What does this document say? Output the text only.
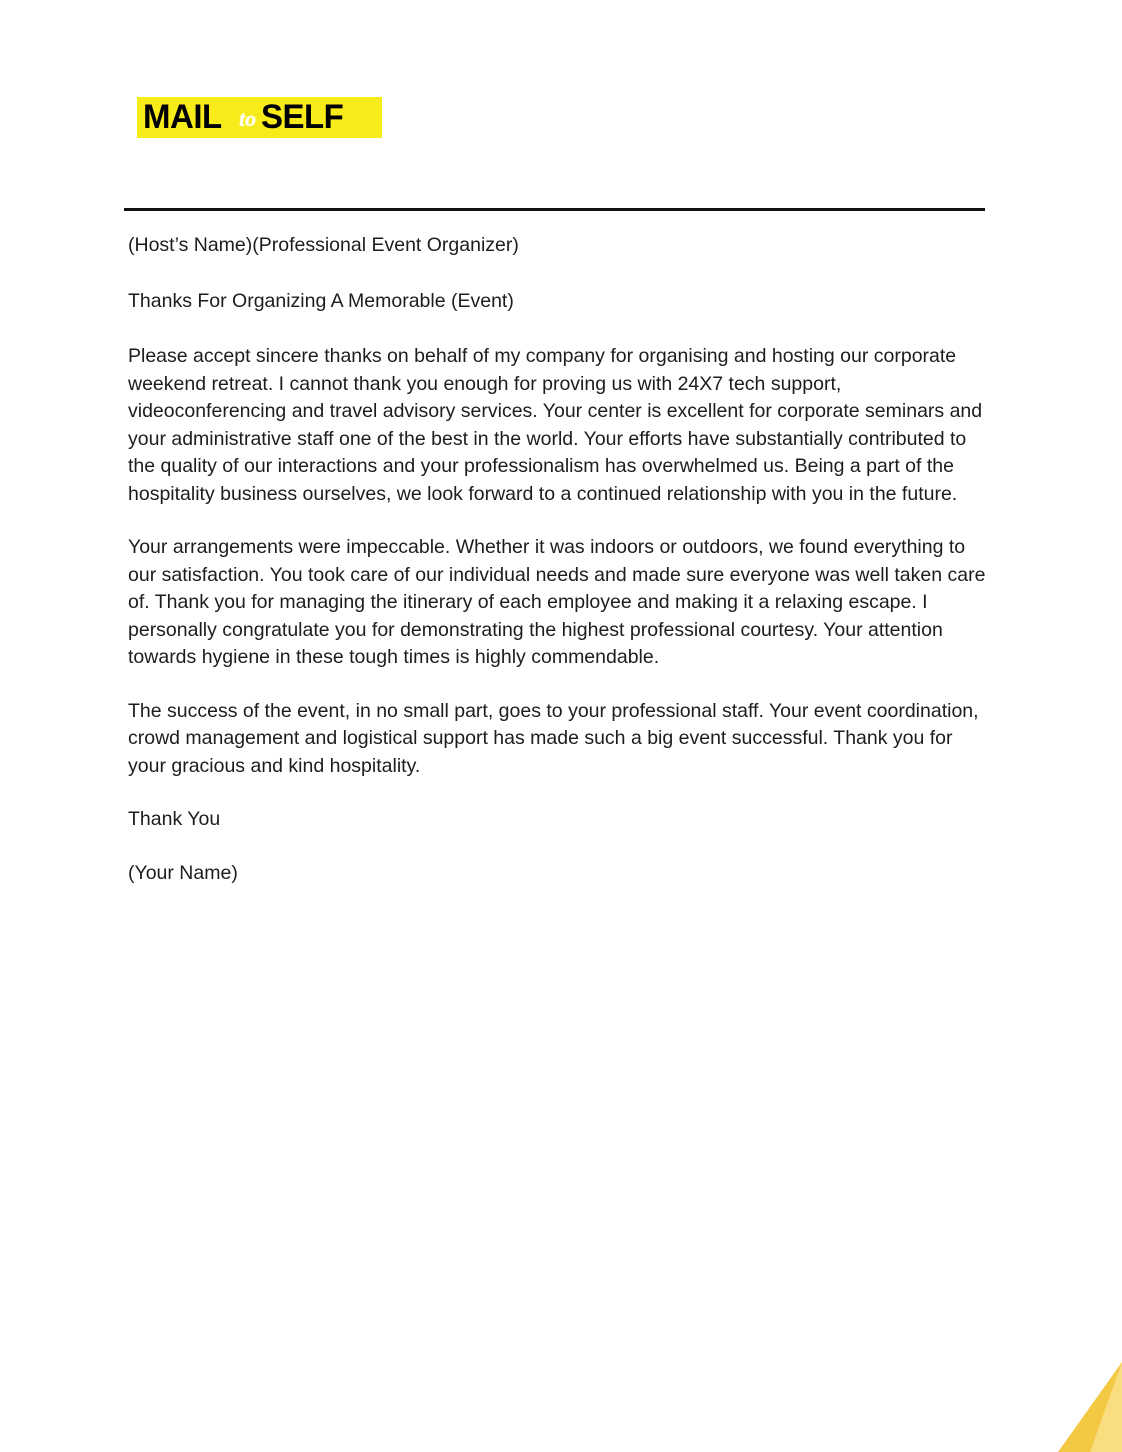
MAIL to SELF

(Host’s Name)(Professional Event Organizer)

Thanks For Organizing A Memorable (Event)

Please accept sincere thanks on behalf of my company for organising and hosting our corporate weekend retreat. I cannot thank you enough for proving us with 24X7 tech support, videoconferencing and travel advisory services. Your center is excellent for corporate seminars and your administrative staff one of the best in the world. Your efforts have substantially contributed to the quality of our interactions and your professionalism has overwhelmed us. Being a part of the hospitality business ourselves, we look forward to a continued relationship with you in the future.

Your arrangements were impeccable. Whether it was indoors or outdoors, we found everything to our satisfaction. You took care of our individual needs and made sure everyone was well taken care of. Thank you for managing the itinerary of each employee and making it a relaxing escape. I personally congratulate you for demonstrating the highest professional courtesy. Your attention towards hygiene in these tough times is highly commendable.

The success of the event, in no small part, goes to your professional staff. Your event coordination, crowd management and logistical support has made such a big event successful. Thank you for your gracious and kind hospitality.

Thank You

(Your Name)
